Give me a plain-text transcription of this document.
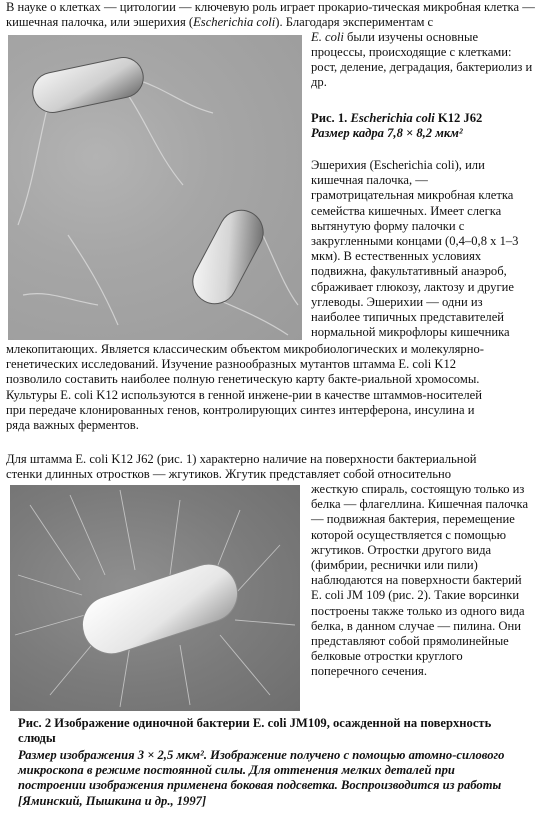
В науке о клетках — цитологии — ключевую роль играет прокарио-тическая микробная клетка — кишечная палочка, или эшерихия (Escherichia coli). Благодаря экспериментам с

E. coli были изучены основные

процессы, происходящие с клетками:

рост, деление, деградация, бактериолиз и

др.

Рис. 1. Escherichia coli K12 J62

Размер кадра 7,8 × 8,2 мкм²

Эшерихия (Escherichia coli), или
кишечная палочка, —
грамотрицательная микробная клетка
семейства кишечных. Имеет слегка
вытянутую форму палочки с
закругленными концами (0,4–0,8 х 1–3
мкм). В естественных условиях
подвижна, факультативный анаэроб,
сбраживает глюкозу, лактозу и другие
углеводы. Эшерихии — одни из
наиболее типичных представителей
нормальной микрофлоры кишечника
млекопитающих. Является классическим объектом микробиологических и молекулярно-
генетических исследований. Изучение разнообразных мутантов штамма E. coli K12
позволило составить наиболее полную генетическую карту бакте-риальной хромосомы.
Культуры E. coli K12 используются в генной инженe-рии в качестве штаммов-носителей
при передаче клонированных генов, контролирующих синтез интерферона, инсулина и
ряда важных ферментов.
Для штамма E. coli K12 J62 (рис. 1) характерно наличие на поверхности бактериальной
стенки длинных отростков — жгутиков. Жгутик представляет собой относительно
жесткую спираль, состоящую только из
белка — флагеллина. Кишечная палочка
— подвижная бактерия, перемещение
которой осуществляется с помощью
жгутиков. Отростки другого вида
(фимбрии, реснички или пили)
наблюдаются на поверхности бактерий
E. coli JM 109 (рис. 2). Такие ворсинки
построены также только из одного вида
белка, в данном случае — пилина. Они
представляют собой прямолинейные
белковые отростки круглого
поперечного сечения.
Рис. 2 Изображение одиночной бактерии E. coli JM109, осажденной на поверхность
слюды
Размер изображения 3 × 2,5 мкм². Изображение получено с помощью атомно-силового
микроскопа в режиме постоянной силы. Для оттенения мелких деталей при
построении изображения применена боковая подсветка. Воспроизводится из работы
[Яминский, Пышкина и др., 1997]
